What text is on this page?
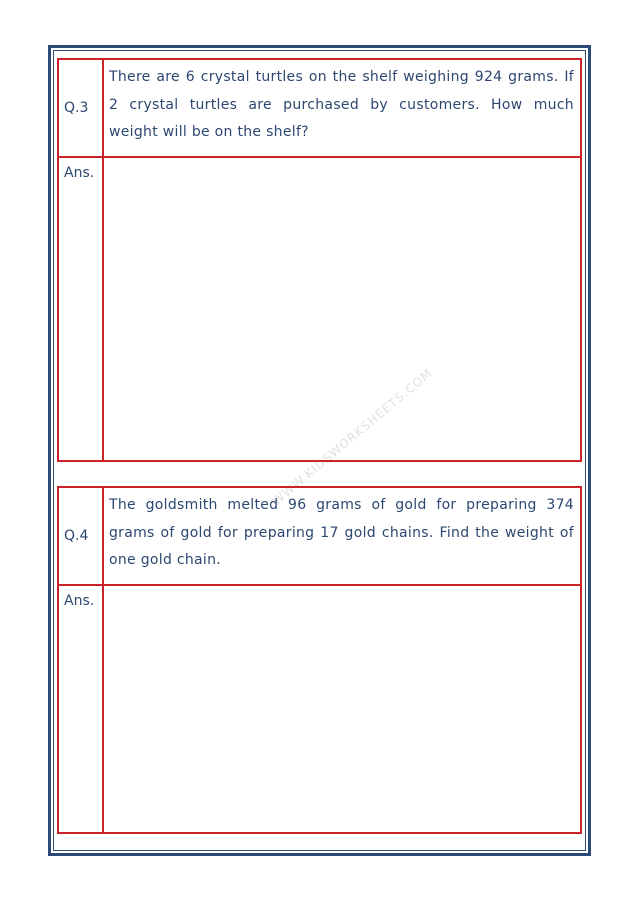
WWW.KIDSWORKSHEETS.COM
Q.3
There are 6 crystal turtles on the shelf weighing 924 grams. If 2 crystal turtles are purchased by customers. How much weight will be on the shelf?
Ans.
Q.4
The goldsmith melted 96 grams of gold for preparing 374 grams of gold for preparing 17 gold chains. Find the weight of one gold chain.
Ans.
